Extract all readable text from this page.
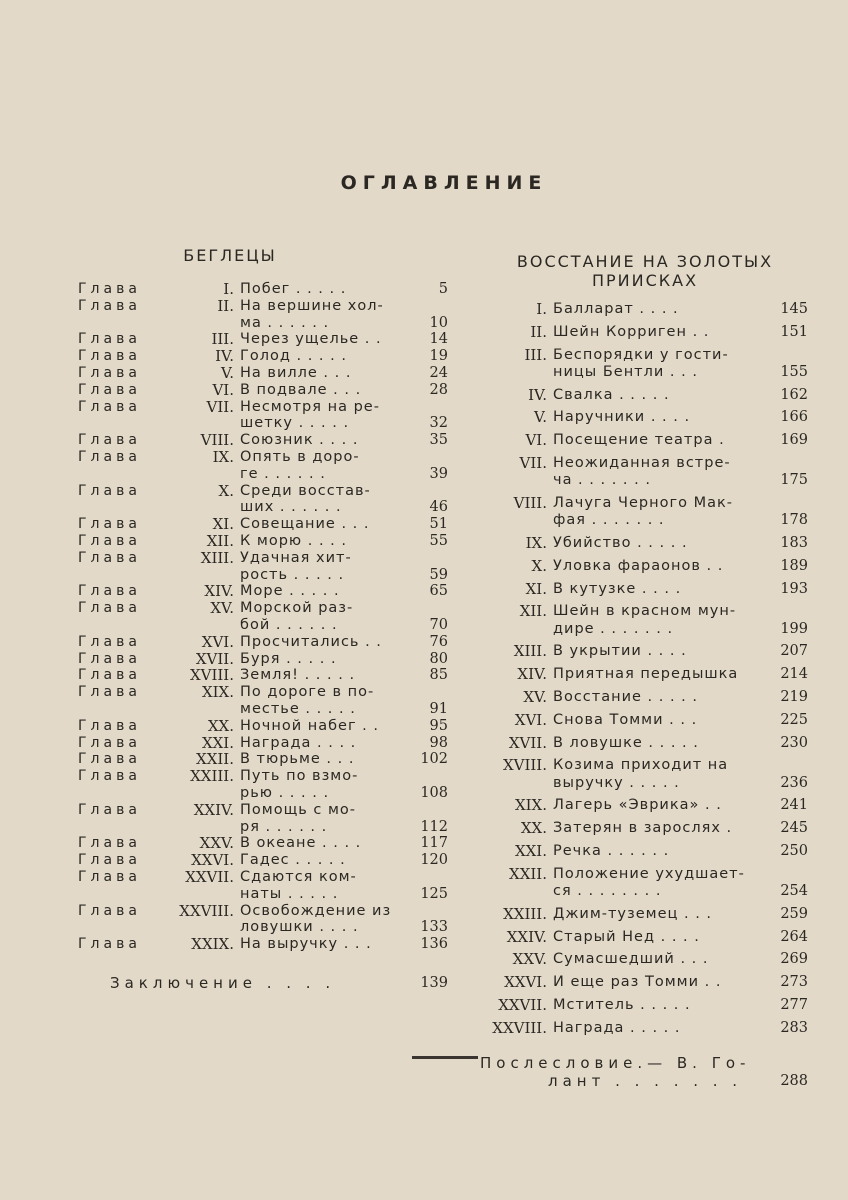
ОГЛАВЛЕНИЕ
БЕГЛЕЦЫ	ВОССТАНИЕ НА ЗОЛОТЫХ
ПРИИСКАХ
Глава	I. Побег . . . . .	5
Глава	II. На вершине хол-
ма . . . . . .	10
Глава	III. Через ущелье . .	14
Глава	IV. Голод . . . . .	19
Глава	V. На вилле . . .	24
Глава	VI. В подвале . . .	28
Глава	VII. Несмотря на ре-
шетку . . . . .	32
Глава	VIII. Союзник . . . .	35
Глава	IX. Опять в доро-
ге . . . . . .	39
Глава	X. Среди восстав-
ших . . . . . .	46
Глава	XI. Совещание . . .	51
Глава	XII. К морю . . . .	55
Глава	XIII. Удачная хит-
рость . . . . .	59
Глава	XIV. Море . . . . .	65
Глава	XV. Морской раз-
бой . . . . . .	70
Глава	XVI. Просчитались . .	76
Глава	XVII. Буря . . . . .	80
Глава	XVIII. Земля! . . . . .	85
Глава	XIX. По дороге в по-
местье . . . . .	91
Глава	XX. Ночной набег . .	95
Глава	XXI. Награда . . . .	98
Глава	XXII. В тюрьме . . .	102
Глава	XXIII. Путь по взмо-
рью . . . . .	108
Глава	XXIV. Помощь с мо-
ря . . . . . .	112
Глава	XXV. В океане . . . .	117
Глава	XXVI. Гадес . . . . .	120
Глава	XXVII. Сдаются ком-
наты . . . . .	125
Глава	XXVIII. Освобождение из
ловушки . . . .	133
Глава	XXIX. На выручку . . .	136
Заключение . . . .	139
I. Балларат . . . .	145
II. Шейн Корриген . .	151
III. Беспорядки у гости-
ницы Бентли . . .	155
IV. Свалка . . . . .	162
V. Наручники . . . .	166
VI. Посещение театра .	169
VII. Неожиданная встре-
ча . . . . . . .	175
VIII. Лачуга Черного Мак-
фая . . . . . . .	178
IX. Убийство . . . . .	183
X. Уловка фараонов . .	189
XI. В кутузке . . . .	193
XII. Шейн в красном мун-
дире . . . . . . .	199
XIII. В укрытии . . . .	207
XIV. Приятная передышка	214
XV. Восстание . . . . .	219
XVI. Снова Томми . . .	225
XVII. В ловушке . . . . .	230
XVIII. Козима приходит на
выручку . . . . .	236
XIX. Лагерь «Эврика» . .	241
XX. Затерян в зарослях .	245
XXI. Речка . . . . . .	250
XXII. Положение ухудшает-
ся . . . . . . . .	254
XXIII. Джим-туземец . . .	259
XXIV. Старый Нед . . . .	264
XXV. Сумасшедший . . .	269
XXVI. И еще раз Томми . .	273
XXVII. Мститель . . . . .	277
XXVIII. Награда . . . . .	283
Послесловие.— В. Го-
лант . . . . . . .	288
